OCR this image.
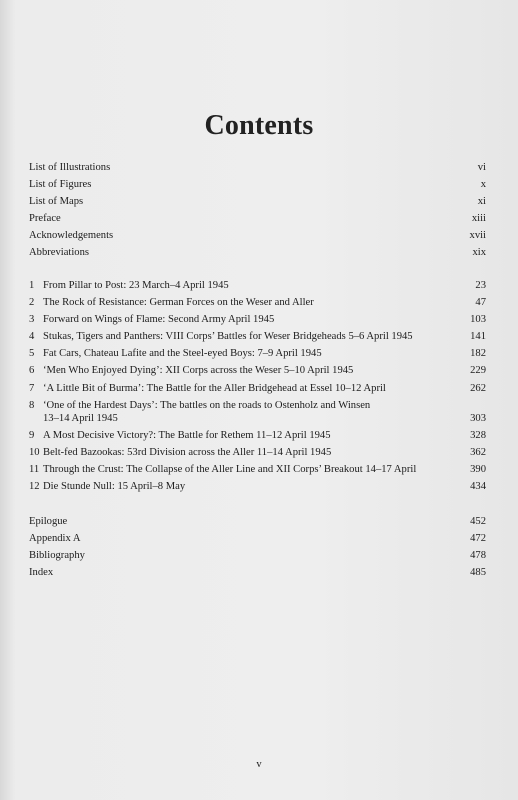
Contents
List of Illustrations	vi
List of Figures	x
List of Maps	xi
Preface	xiii
Acknowledgements	xvii
Abbreviations	xix
1 From Pillar to Post: 23 March–4 April 1945	23
2 The Rock of Resistance: German Forces on the Weser and Aller	47
3 Forward on Wings of Flame: Second Army April 1945	103
4 Stukas, Tigers and Panthers: VIII Corps’ Battles for Weser Bridgeheads 5–6 April 1945	141
5 Fat Cars, Chateau Lafite and the Steel-eyed Boys: 7–9 April 1945	182
6 ‘Men Who Enjoyed Dying’: XII Corps across the Weser 5–10 April 1945	229
7 ‘A Little Bit of Burma’: The Battle for the Aller Bridgehead at Essel 10–12 April	262
8 ‘One of the Hardest Days’: The battles on the roads to Ostenholz and Winsen
13–14 April 1945	303
9 A Most Decisive Victory?: The Battle for Rethem 11–12 April 1945	328
10 Belt-fed Bazookas: 53rd Division across the Aller 11–14 April 1945	362
11 Through the Crust: The Collapse of the Aller Line and XII Corps’ Breakout 14–17 April	390
12 Die Stunde Null: 15 April–8 May	434
Epilogue	452
Appendix A	472
Bibliography	478
Index	485
v
